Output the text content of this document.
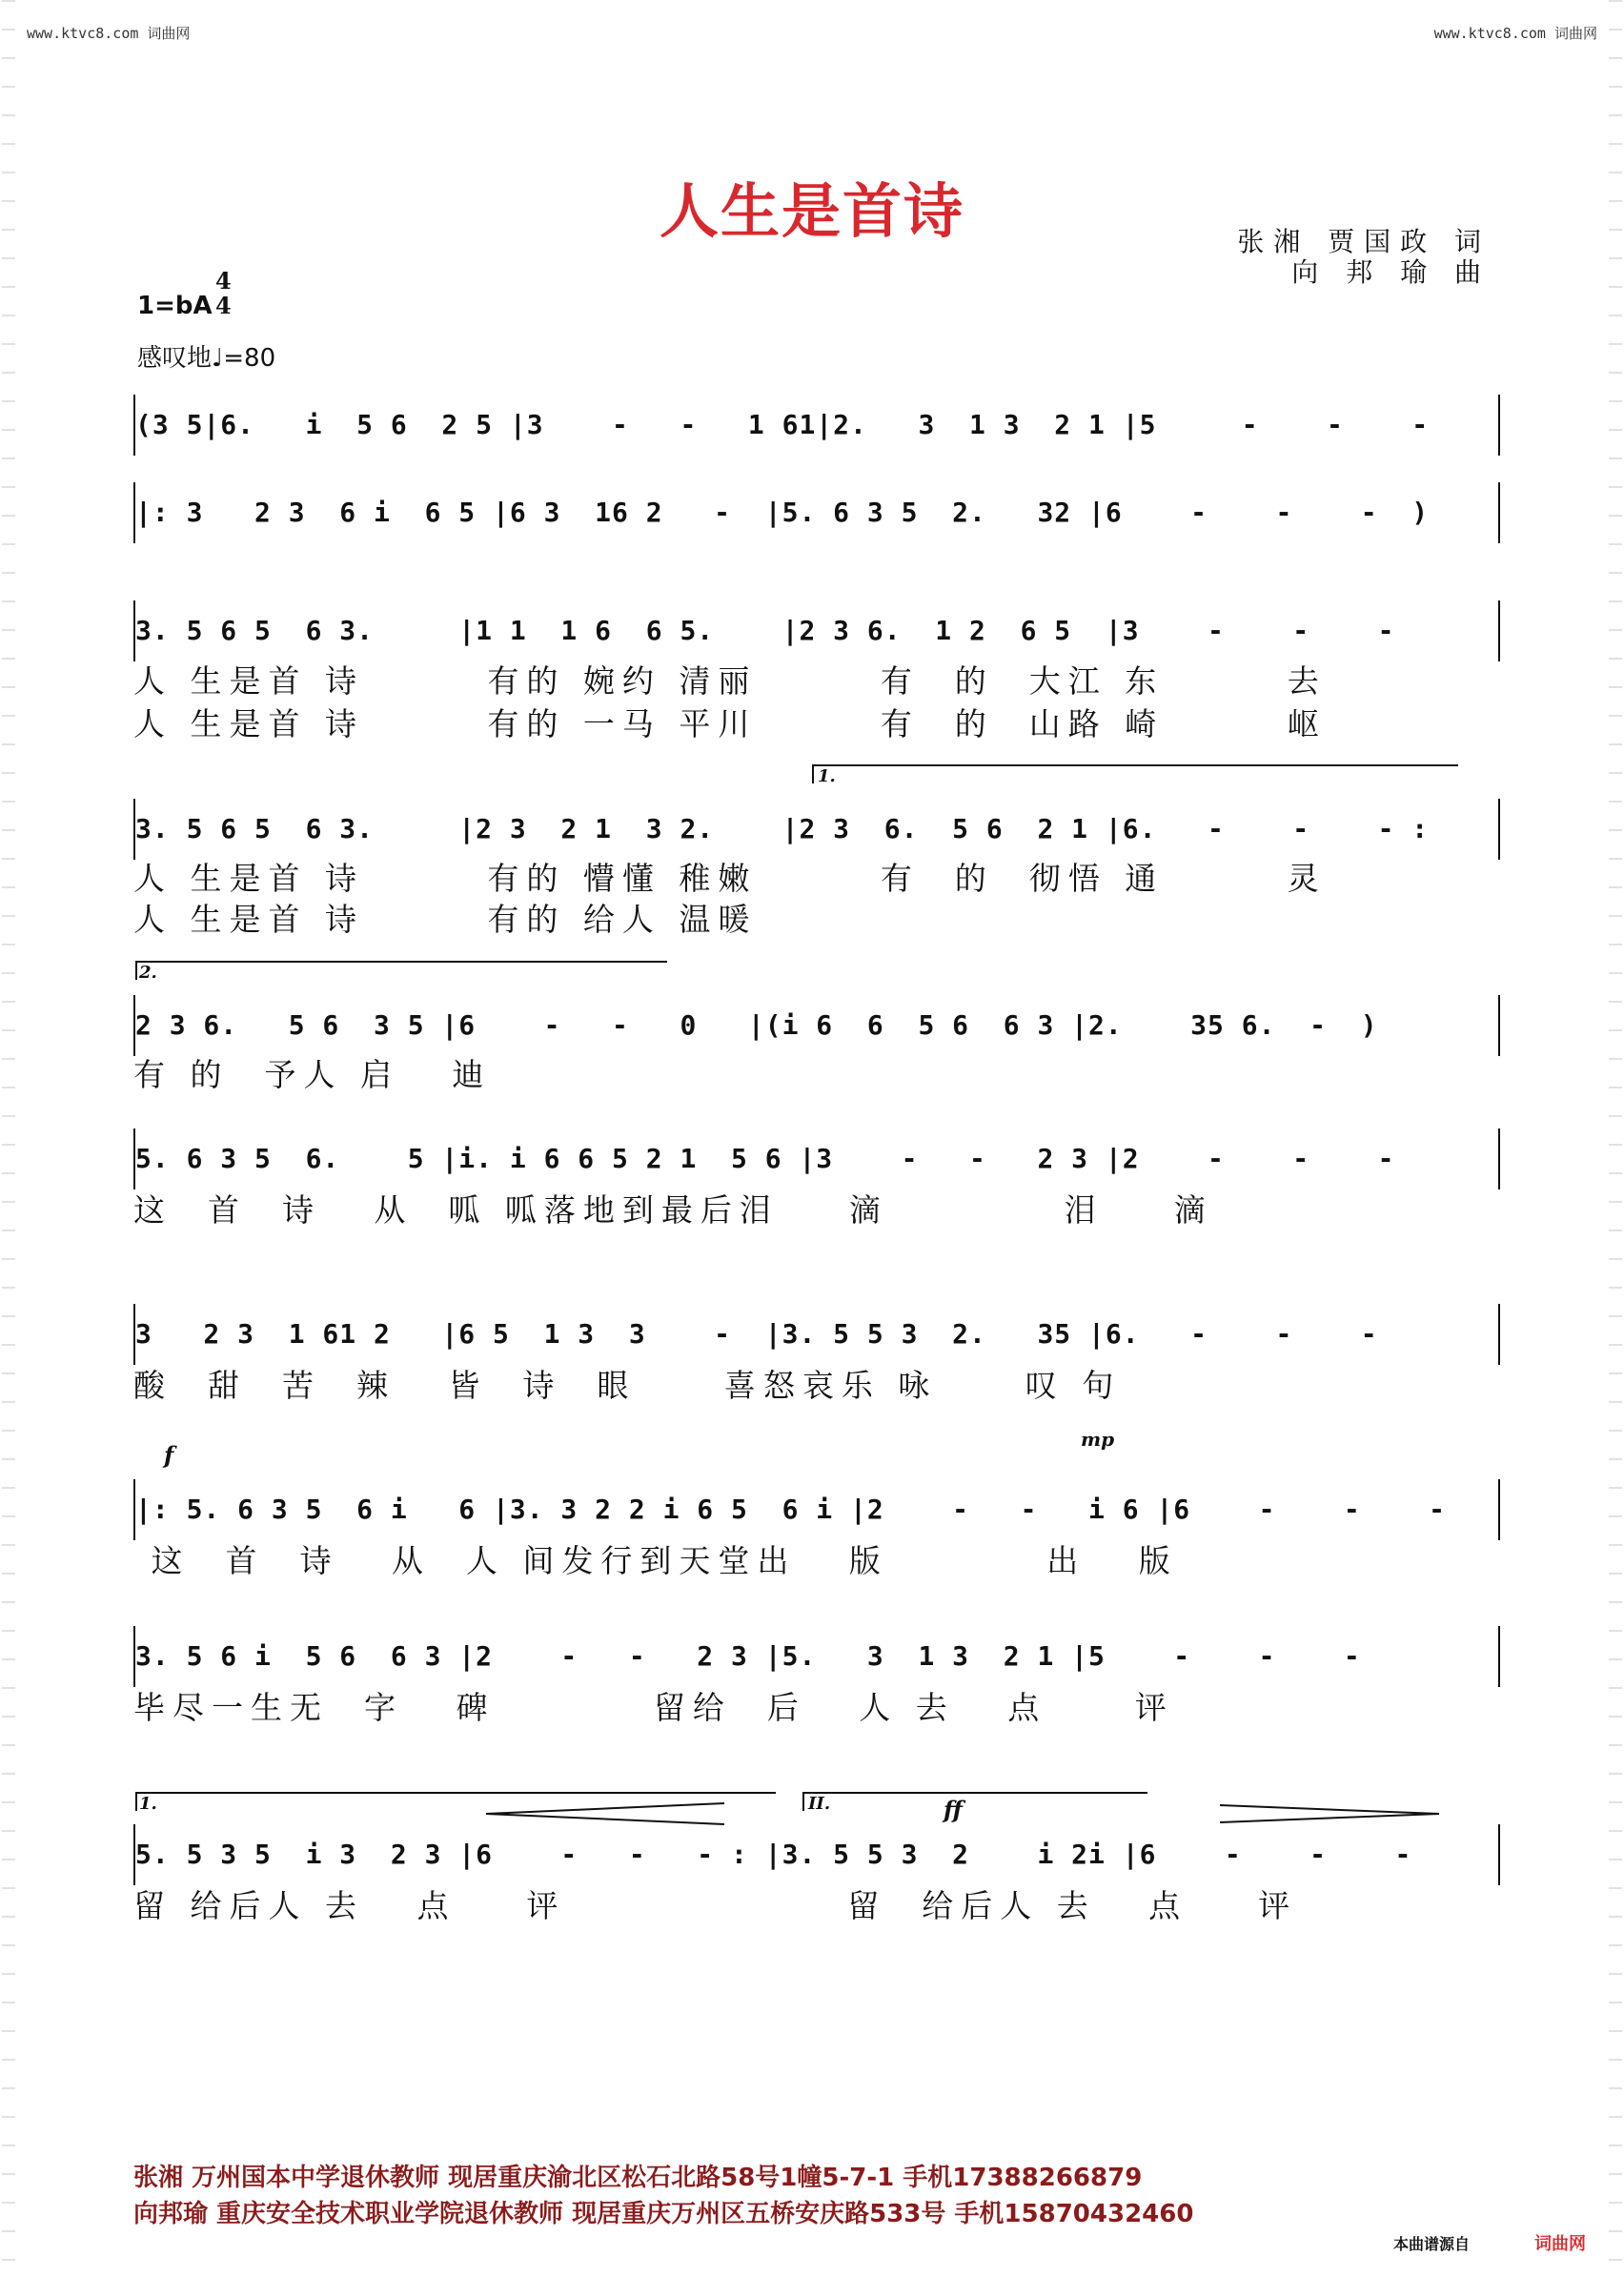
www.ktvc8.com 词曲网	www.ktvc8.com 词曲网
人生是首诗	张湘 贾国政 词
向 邦 瑜 曲
1=bA
4
4
感叹地♩=80
(3 5|6.   i  5 6  2 5 |3    -   -   1 61|2.   3  1 3  2 1 |5     -    -    -
|: 3   2 3  6 i  6 5 |6 3  16 2   -  |5. 6 3 5  2.   32 |6    -    -    -  )
3. 5 6 5  6 3.     |1 1  1 6  6 5.    |2 3 6.  1 2  6 5  |3    -    -    -
人 生是首 诗       有的 婉约 清丽       有  的  大江 东       去
人 生是首 诗       有的 一马 平川       有  的  山路 崎       岖
1.
3. 5 6 5  6 3.     |2 3  2 1  3 2.    |2 3  6.  5 6  2 1 |6.   -    -    - :
人 生是首 诗       有的 懵懂 稚嫩       有  的  彻悟 通       灵
人 生是首 诗       有的 给人 温暖
2.
2 3 6.   5 6  3 5 |6    -   -   0   |(i 6  6  5 6  6 3 |2.    35 6.  -  )
有 的  予人 启   迪
5. 6 3 5  6.    5 |i. i 6 6 5 2 1  5 6 |3    -   -   2 3 |2    -    -    -
这  首  诗   从  呱 呱落地到最后泪    滴          泪    滴
3   2 3  1 61 2   |6 5  1 3  3    -  |3. 5 5 3  2.   35 |6.   -    -    -
酸  甜  苦  辣   皆  诗  眼     喜怒哀乐 咏     叹 句
f
mp
|: 5. 6 3 5  6 i   6 |3. 3 2 2 i 6 5  6 i |2    -   -   i 6 |6    -    -    -
这  首  诗   从  人 间发行到天堂出   版         出   版
3. 5 6 i  5 6  6 3 |2    -   -   2 3 |5.   3  1 3  2 1 |5    -    -    -
毕尽一生无  字   碑         留给  后   人 去   点     评
1.	II.	ff
5. 5 3 5  i 3  2 3 |6    -   -   - : |3. 5 5 3  2    i 2i |6    -    -    -
留 给后人 去   点    评                留  给后人 去   点    评
张湘 万州国本中学退休教师 现居重庆渝北区松石北路58号1幢5-7-1 手机17388266879
向邦瑜 重庆安全技术职业学院退休教师 现居重庆万州区五桥安庆路533号 手机15870432460
本曲谱源自	词曲网
